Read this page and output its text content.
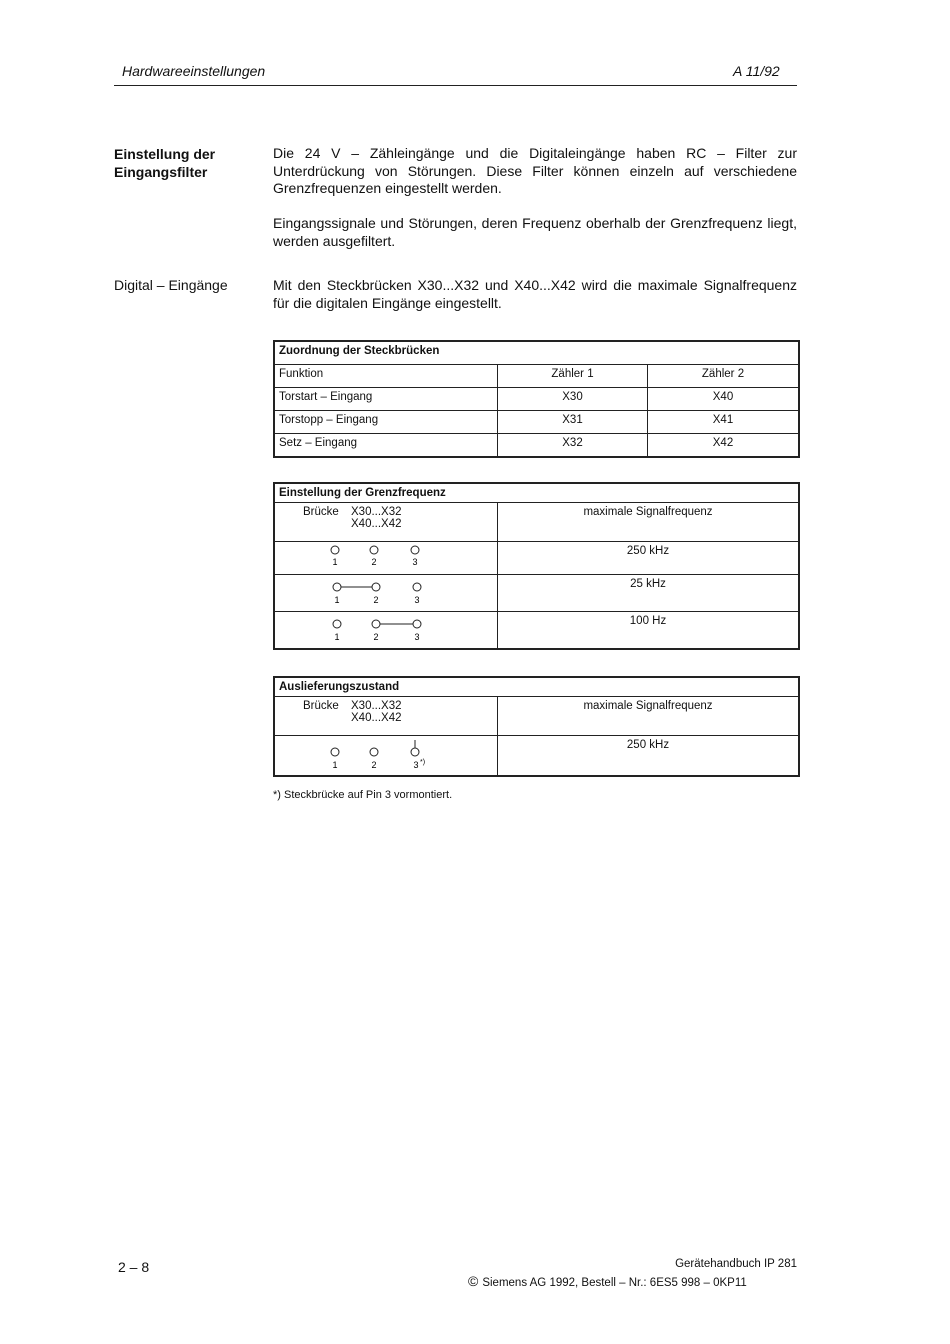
Hardwareeinstellungen	A 11/92
Einstellung der
Eingangsfilter

Die 24 V – Zähleingänge und die Digitaleingänge haben RC – Filter zur Unterdrückung von Störungen. Diese Filter können einzeln auf verschiedene Grenzfrequenzen eingestellt werden.

Eingangssignale und Störungen, deren Frequenz oberhalb der Grenzfrequenz liegt, werden ausgefiltert.

Digital – Eingänge	Mit den Steckbrücken X30...X32 und X40...X42 wird die maximale Signalfrequenz für die digitalen Eingänge eingestellt.

Zuordnung der Steckbrücken		
Funktion	Zähler 1	Zähler 2
Torstart – Eingang	X30	X40
Torstopp – Eingang	X31	X41
Setz – Eingang	X32	X42
Einstellung der Grenzfrequenz	
Brücke X30...X32
X40...X42	maximale Signalfrequenz

1 2 3	250 kHz

1 2 3	25 kHz

1 2 3	100 Hz
Auslieferungszustand	
Brücke X30...X32
X40...X42	maximale Signalfrequenz

1 2 3 *)	250 kHz
*) Steckbrücke auf Pin 3 vormontiert.
2 – 8	Gerätehandbuch IP 281
© Siemens AG 1992, Bestell – Nr.: 6ES5 998 – 0KP11
